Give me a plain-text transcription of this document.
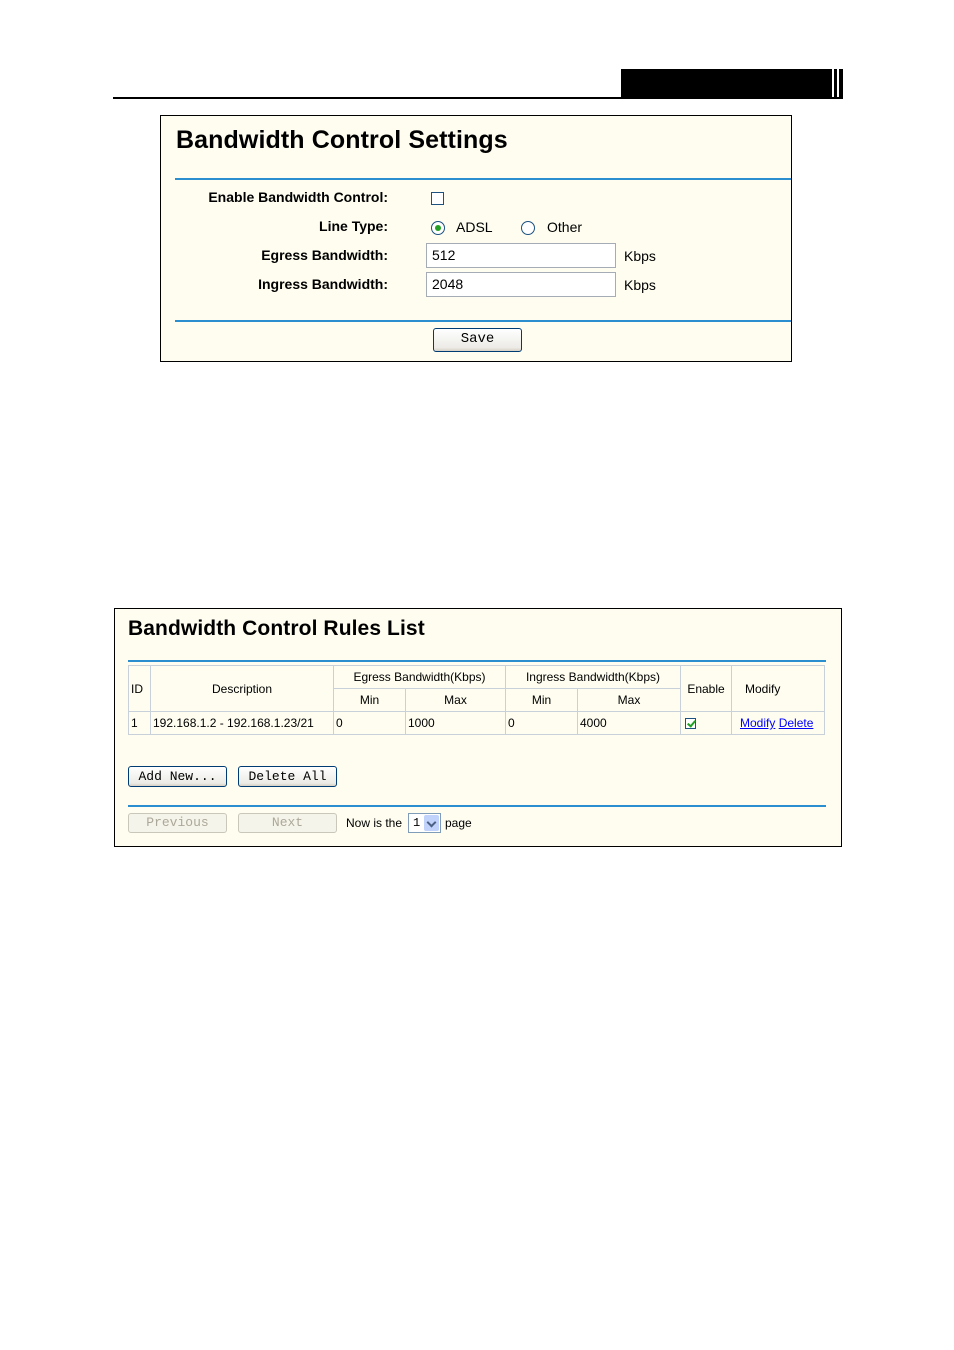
Bandwidth Control Settings
Enable Bandwidth Control:
Line Type:	ADSL	Other
Egress Bandwidth:	512	Kbps
Ingress Bandwidth:	2048	Kbps
Save
Bandwidth Control Rules List
ID	Description	Egress Bandwidth(Kbps)		Ingress Bandwidth(Kbps)		Enable	Modify
		Min	Max	Min	Max		
1	192.168.1.2 - 192.168.1.23/21	0	1000	0	4000		Modify Delete
Add New...	Delete All
Previous	Next	Now is the 1 page
